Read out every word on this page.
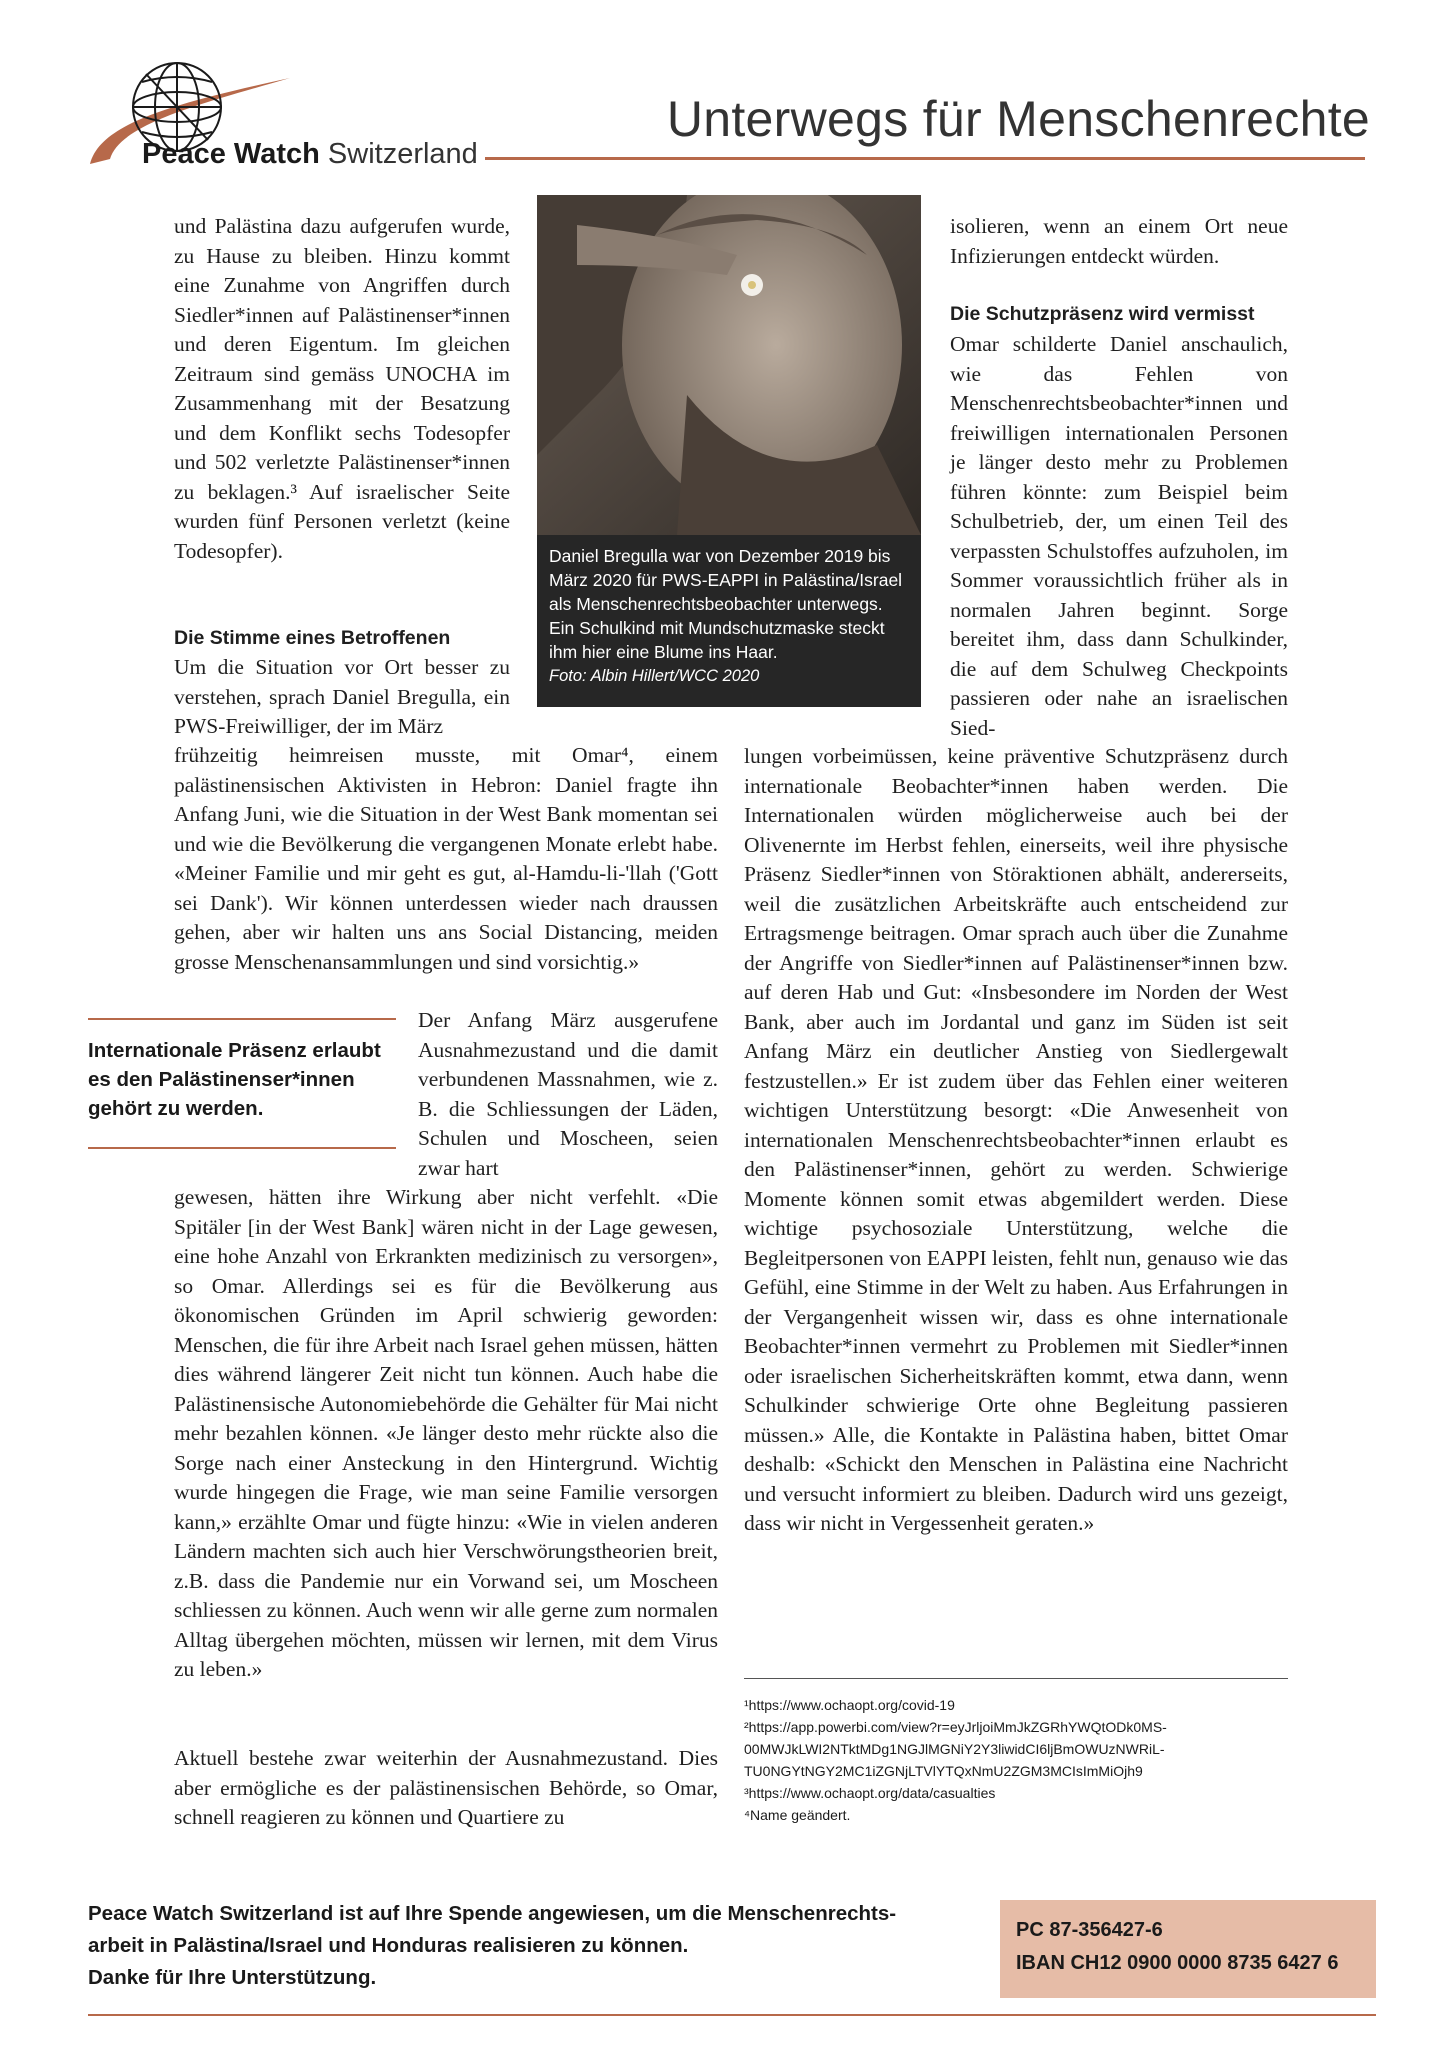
Peace Watch Switzerland
Unterwegs für Menschenrechte

und Palästina dazu aufgerufen wurde, zu Hause zu bleiben. Hinzu kommt eine Zunahme von Angriffen durch Siedler*innen auf Palästinenser*innen und deren Eigentum. Im gleichen Zeitraum sind gemäss UNOCHA im Zusammenhang mit der Besatzung und dem Konflikt sechs Todesopfer und 502 verletzte Palästinenser*innen zu beklagen.³ Auf israelischer Seite wurden fünf Personen verletzt (keine Todesopfer).

Die Stimme eines Betroffenen

Um die Situation vor Ort besser zu verstehen, sprach Daniel Bregulla, ein PWS-Freiwilliger, der im März

Daniel Bregulla war von Dezember 2019 bis März 2020 für PWS-EAPPI in Palästina/Israel als Menschenrechtsbeobachter unterwegs. Ein Schulkind mit Mundschutzmaske steckt ihm hier eine Blume ins Haar.
Foto: Albin Hillert/WCC 2020

frühzeitig heimreisen musste, mit Omar⁴, einem palästinensischen Aktivisten in Hebron: Daniel fragte ihn Anfang Juni, wie die Situation in der West Bank momentan sei und wie die Bevölkerung die vergangenen Monate erlebt habe. «Meiner Familie und mir geht es gut, al-Hamdu-li-'llah ('Gott sei Dank'). Wir können unterdessen wieder nach draussen gehen, aber wir halten uns ans Social Distancing, meiden grosse Menschenansammlungen und sind vorsichtig.»

Internationale Präsenz erlaubt es den Palästinenser*innen gehört zu werden.

Der Anfang März ausgerufene Ausnahmezustand und die damit verbundenen Massnahmen, wie z. B. die Schliessungen der Läden, Schulen und Moscheen, seien zwar hart

gewesen, hätten ihre Wirkung aber nicht verfehlt. «Die Spitäler [in der West Bank] wären nicht in der Lage gewesen, eine hohe Anzahl von Erkrankten medizinisch zu versorgen», so Omar. Allerdings sei es für die Bevölkerung aus ökonomischen Gründen im April schwierig geworden: Menschen, die für ihre Arbeit nach Israel gehen müssen, hätten dies während längerer Zeit nicht tun können. Auch habe die Palästinensische Autonomiebehörde die Gehälter für Mai nicht mehr bezahlen können. «Je länger desto mehr rückte also die Sorge nach einer Ansteckung in den Hintergrund. Wichtig wurde hingegen die Frage, wie man seine Familie versorgen kann,» erzählte Omar und fügte hinzu: «Wie in vielen anderen Ländern machten sich auch hier Verschwörungstheorien breit, z.B. dass die Pandemie nur ein Vorwand sei, um Moscheen schliessen zu können. Auch wenn wir alle gerne zum normalen Alltag übergehen möchten, müssen wir lernen, mit dem Virus zu leben.»

Aktuell bestehe zwar weiterhin der Ausnahmezustand. Dies aber ermögliche es der palästinensischen Behörde, so Omar, schnell reagieren zu können und Quartiere zu

isolieren, wenn an einem Ort neue Infizierungen entdeckt würden.

Die Schutzpräsenz wird vermisst

Omar schilderte Daniel anschaulich, wie das Fehlen von Menschenrechtsbeobachter*innen und freiwilligen internationalen Personen je länger desto mehr zu Problemen führen könnte: zum Beispiel beim Schulbetrieb, der, um einen Teil des verpassten Schulstoffes aufzuholen, im Sommer voraussichtlich früher als in normalen Jahren beginnt. Sorge bereitet ihm, dass dann Schulkinder, die auf dem Schulweg Checkpoints passieren oder nahe an israelischen Sied-

lungen vorbeimüssen, keine präventive Schutzpräsenz durch internationale Beobachter*innen haben werden. Die Internationalen würden möglicherweise auch bei der Olivenernte im Herbst fehlen, einerseits, weil ihre physische Präsenz Siedler*innen von Störaktionen abhält, andererseits, weil die zusätzlichen Arbeitskräfte auch entscheidend zur Ertragsmenge beitragen. Omar sprach auch über die Zunahme der Angriffe von Siedler*innen auf Palästinenser*innen bzw. auf deren Hab und Gut: «Insbesondere im Norden der West Bank, aber auch im Jordantal und ganz im Süden ist seit Anfang März ein deutlicher Anstieg von Siedlergewalt festzustellen.» Er ist zudem über das Fehlen einer weiteren wichtigen Unterstützung besorgt: «Die Anwesenheit von internationalen Menschenrechtsbeobachter*innen erlaubt es den Palästinenser*innen, gehört zu werden. Schwierige Momente können somit etwas abgemildert werden. Diese wichtige psychosoziale Unterstützung, welche die Begleitpersonen von EAPPI leisten, fehlt nun, genauso wie das Gefühl, eine Stimme in der Welt zu haben. Aus Erfahrungen in der Vergangenheit wissen wir, dass es ohne internationale Beobachter*innen vermehrt zu Problemen mit Siedler*innen oder israelischen Sicherheitskräften kommt, etwa dann, wenn Schulkinder schwierige Orte ohne Begleitung passieren müssen.» Alle, die Kontakte in Palästina haben, bittet Omar deshalb: «Schickt den Menschen in Palästina eine Nachricht und versucht informiert zu bleiben. Dadurch wird uns gezeigt, dass wir nicht in Vergessenheit geraten.»

¹https://www.ochaopt.org/covid-19
²https://app.powerbi.com/view?r=eyJrljoiMmJkZGRhYWQtODk0MS-
00MWJkLWI2NTktMDg1NGJlMGNiY2Y3liwidCI6ljBmOWUzNWRiL-
TU0NGYtNGY2MC1iZGNjLTVlYTQxNmU2ZGM3MCIsImMiOjh9
³https://www.ochaopt.org/data/casualties
⁴Name geändert.
Peace Watch Switzerland ist auf Ihre Spende angewiesen, um die Menschenrechts-
arbeit in Palästina/Israel und Honduras realisieren zu können.
Danke für Ihre Unterstützung.
PC 87-356427-6
IBAN CH12 0900 0000 8735 6427 6
